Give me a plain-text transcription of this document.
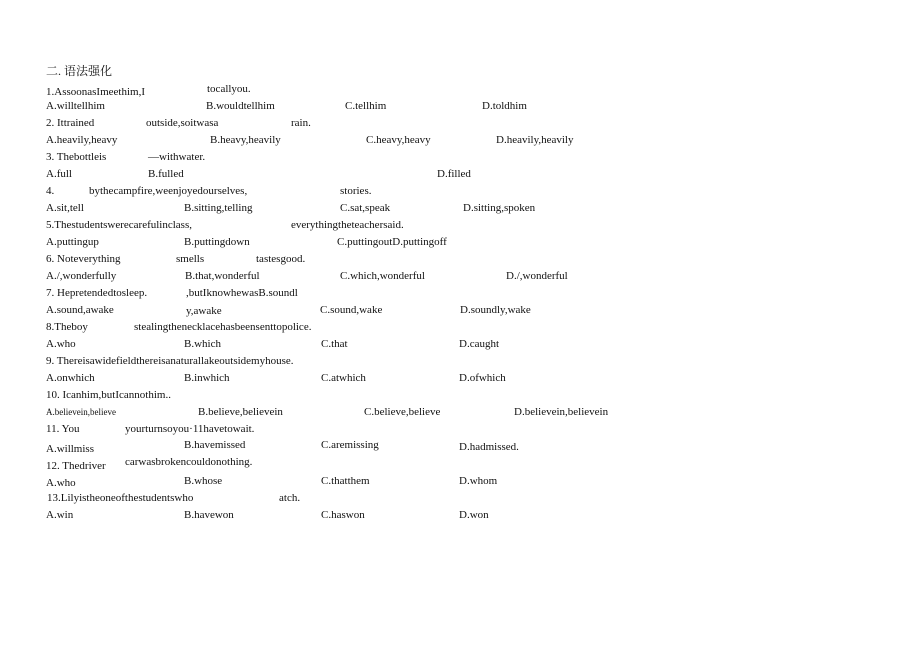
二. 语法强化
1.AssoonasImeethim,I	tocallyou.
A.willtellhim	B.wouldtellhim	C.tellhim	D.toldhim
2. Ittrained	outside,soitwasa	rain.
A.heavily,heavy	B.heavy,heavily	C.heavy,heavy	D.heavily,heavily
3. Thebottleis	—withwater.
A.full	B.fulled	D.filled
4.	bythecampfire,weenjoyedourselves,	stories.
A.sit,tell	B.sitting,telling	C.sat,speak	D.sitting,spoken
5.Thestudentswerecarefulinclass,	everythingtheteachersaid.
A.puttingup	B.puttingdown	C.puttingoutD.puttingoff
6. Noteverything	smells	tastesgood.
A./,wonderfully	B.that,wonderful	C.which,wonderful	D./,wonderful
7. Hepretendedtosleep.	,butIknowhewasB.soundl
A.sound,awake	y,awake	C.sound,wake	D.soundly,wake
8.Theboy	stealingthenecklacehasbeensenttopolice.
A.who	B.which	C.that	D.caught
9. Thereisawidefieldthereisanaturallakeoutsidemyhouse.
A.onwhich	B.inwhich	C.atwhich	D.ofwhich
10. Icanhim,butIcannothim..
A.believein,believe	B.believe,believein	C.believe,believe	D.believein,believein
11. You	yourturnsoyou·11havetowait.
A.willmiss	B.havemissed	C.aremissing	D.hadmissed.
12. Thedriver carwasbrokencouldonothing.
A.who	B.whose	C.thatthem	D.whom
13.Lilyistheoneofthestudentswho	atch.
A.win	B.havewon	C.haswon	D.won
